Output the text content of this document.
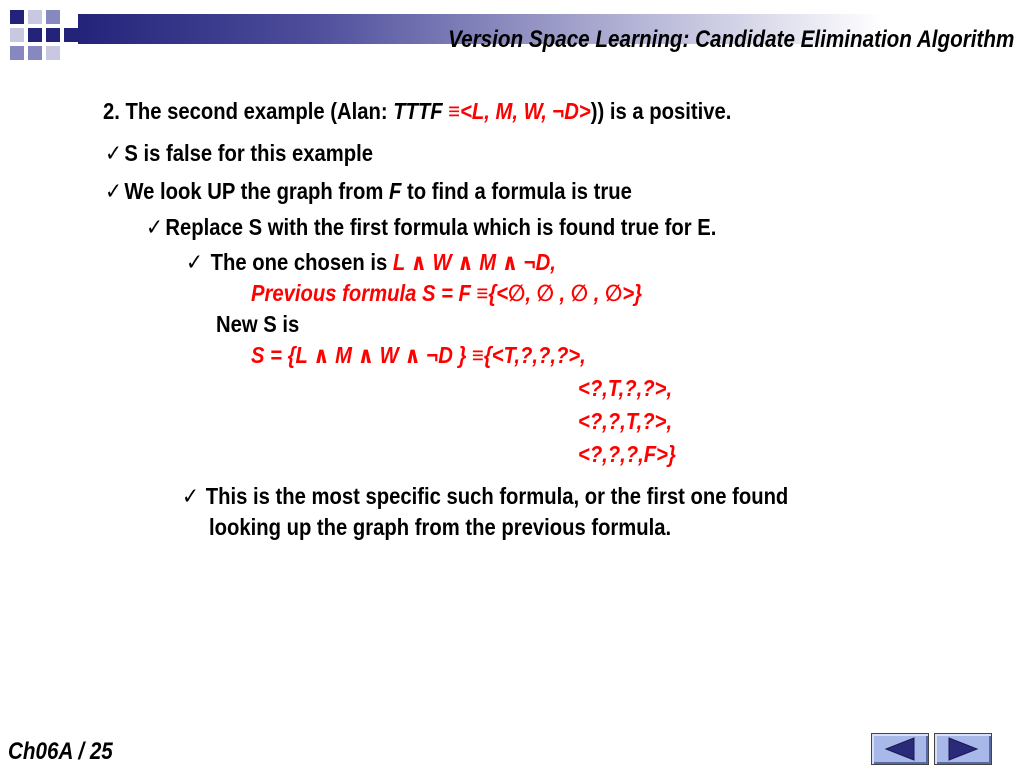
Version Space Learning: Candidate Elimination Algorithm
2. The second example (Alan: TTTF ≡<L, M, W, ¬D>)) is a positive.
✓ S is false for this example
✓ We look UP the graph from F to find a formula is true
✓ Replace S with the first formula which is found true for E.
✓ The one chosen is L ∧ W ∧ M ∧ ¬D,
Previous formula S = F ≡{<∅, ∅ , ∅ , ∅>}
New S is
S = {L ∧ M ∧ W ∧ ¬D } ≡{<T,?,?,?>,
<?,T,?,?>,
<?,?,T,?>,
<?,?,?,F>}
✓ This is the most specific such formula, or the first one found
looking up the graph from the previous formula.
Ch06A / 25
